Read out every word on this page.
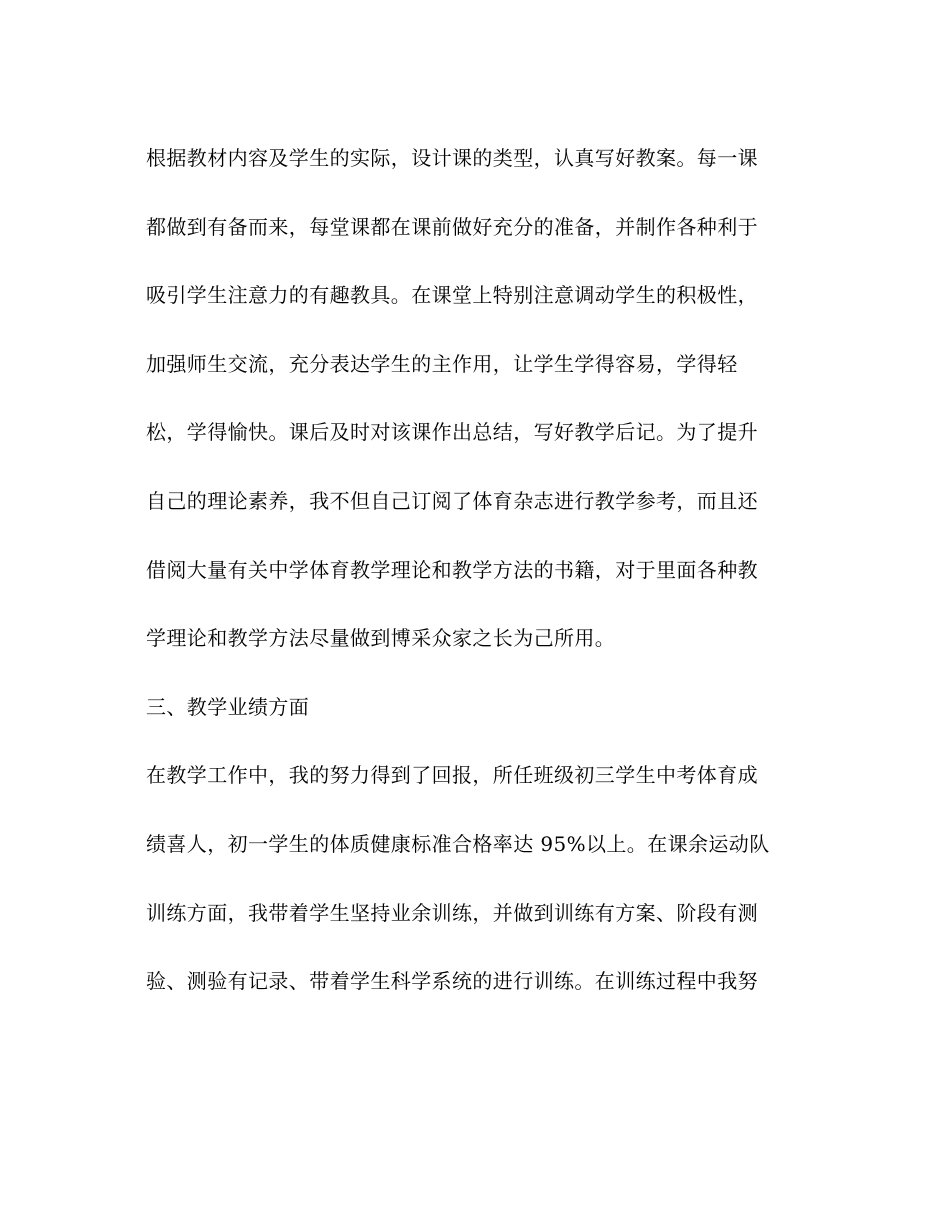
根据教材内容及学生的实际，设计课的类型，认真写好教案。每一课
都做到有备而来，每堂课都在课前做好充分的准备，并制作各种利于
吸引学生注意力的有趣教具。在课堂上特别注意调动学生的积极性，
加强师生交流，充分表达学生的主作用，让学生学得容易，学得轻
松，学得愉快。课后及时对该课作出总结，写好教学后记。为了提升
自己的理论素养，我不但自己订阅了体育杂志进行教学参考，而且还
借阅大量有关中学体育教学理论和教学方法的书籍，对于里面各种教
学理论和教学方法尽量做到博采众家之长为己所用。
三、教学业绩方面
在教学工作中，我的努力得到了回报，所任班级初三学生中考体育成
绩喜人，初一学生的体质健康标准合格率达 95%以上。在课余运动队
训练方面，我带着学生坚持业余训练，并做到训练有方案、阶段有测
验、测验有记录、带着学生科学系统的进行训练。在训练过程中我努
